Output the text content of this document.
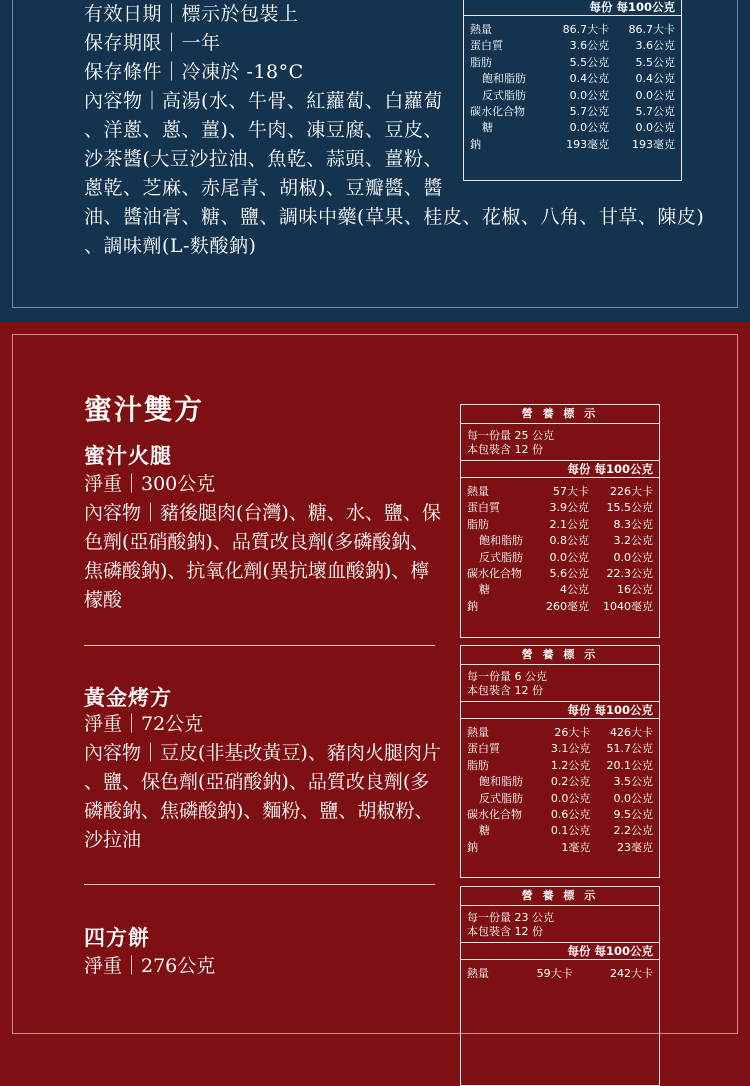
有效日期｜標示於包裝上
保存期限｜一年
保存條件｜冷凍於 -18°C
內容物｜高湯(水、牛骨、紅蘿蔔、白蘿蔔
、洋蔥、蔥、薑)、牛肉、凍豆腐、豆皮、
沙茶醬(大豆沙拉油、魚乾、蒜頭、薑粉、
蔥乾、芝麻、赤尾青、胡椒)、豆瓣醬、醬
油、醬油膏、糖、鹽、調味中藥(草果、桂皮、花椒、八角、甘草、陳皮)
、調味劑(L-麩酸鈉)
每份 每100公克
熱量	86.7大卡	86.7大卡
蛋白質	3.6公克	3.6公克
脂肪	5.5公克	5.5公克
飽和脂肪	0.4公克	0.4公克
反式脂肪	0.0公克	0.0公克
碳水化合物	5.7公克	5.7公克
糖	0.0公克	0.0公克
鈉	193毫克	193毫克
蜜汁雙方
蜜汁火腿
淨重｜300公克
內容物｜豬後腿肉(台灣)、糖、水、鹽、保
色劑(亞硝酸鈉)、品質改良劑(多磷酸鈉、
焦磷酸鈉)、抗氧化劑(異抗壞血酸鈉)、檸
檬酸
營 養 標 示
每一份量 25 公克
本包裝含 12 份
每份 每100公克
熱量	57大卡	226大卡
蛋白質	3.9公克	15.5公克
脂肪	2.1公克	8.3公克
飽和脂肪	0.8公克	3.2公克
反式脂肪	0.0公克	0.0公克
碳水化合物	5.6公克	22.3公克
糖	4公克	16公克
鈉	260毫克	1040毫克
黃金烤方
淨重｜72公克
內容物｜豆皮(非基改黃豆)、豬肉火腿肉片
、鹽、保色劑(亞硝酸鈉)、品質改良劑(多
磷酸鈉、焦磷酸鈉)、麵粉、鹽、胡椒粉、
沙拉油
營 養 標 示
每一份量 6 公克
本包裝含 12 份
每份 每100公克
熱量	26大卡	426大卡
蛋白質	3.1公克	51.7公克
脂肪	1.2公克	20.1公克
飽和脂肪	0.2公克	3.5公克
反式脂肪	0.0公克	0.0公克
碳水化合物	0.6公克	9.5公克
糖	0.1公克	2.2公克
鈉	1毫克	23毫克
四方餅
淨重｜276公克
營 養 標 示
每一份量 23 公克
本包裝含 12 份
每份 每100公克
熱量	59大卡	242大卡
